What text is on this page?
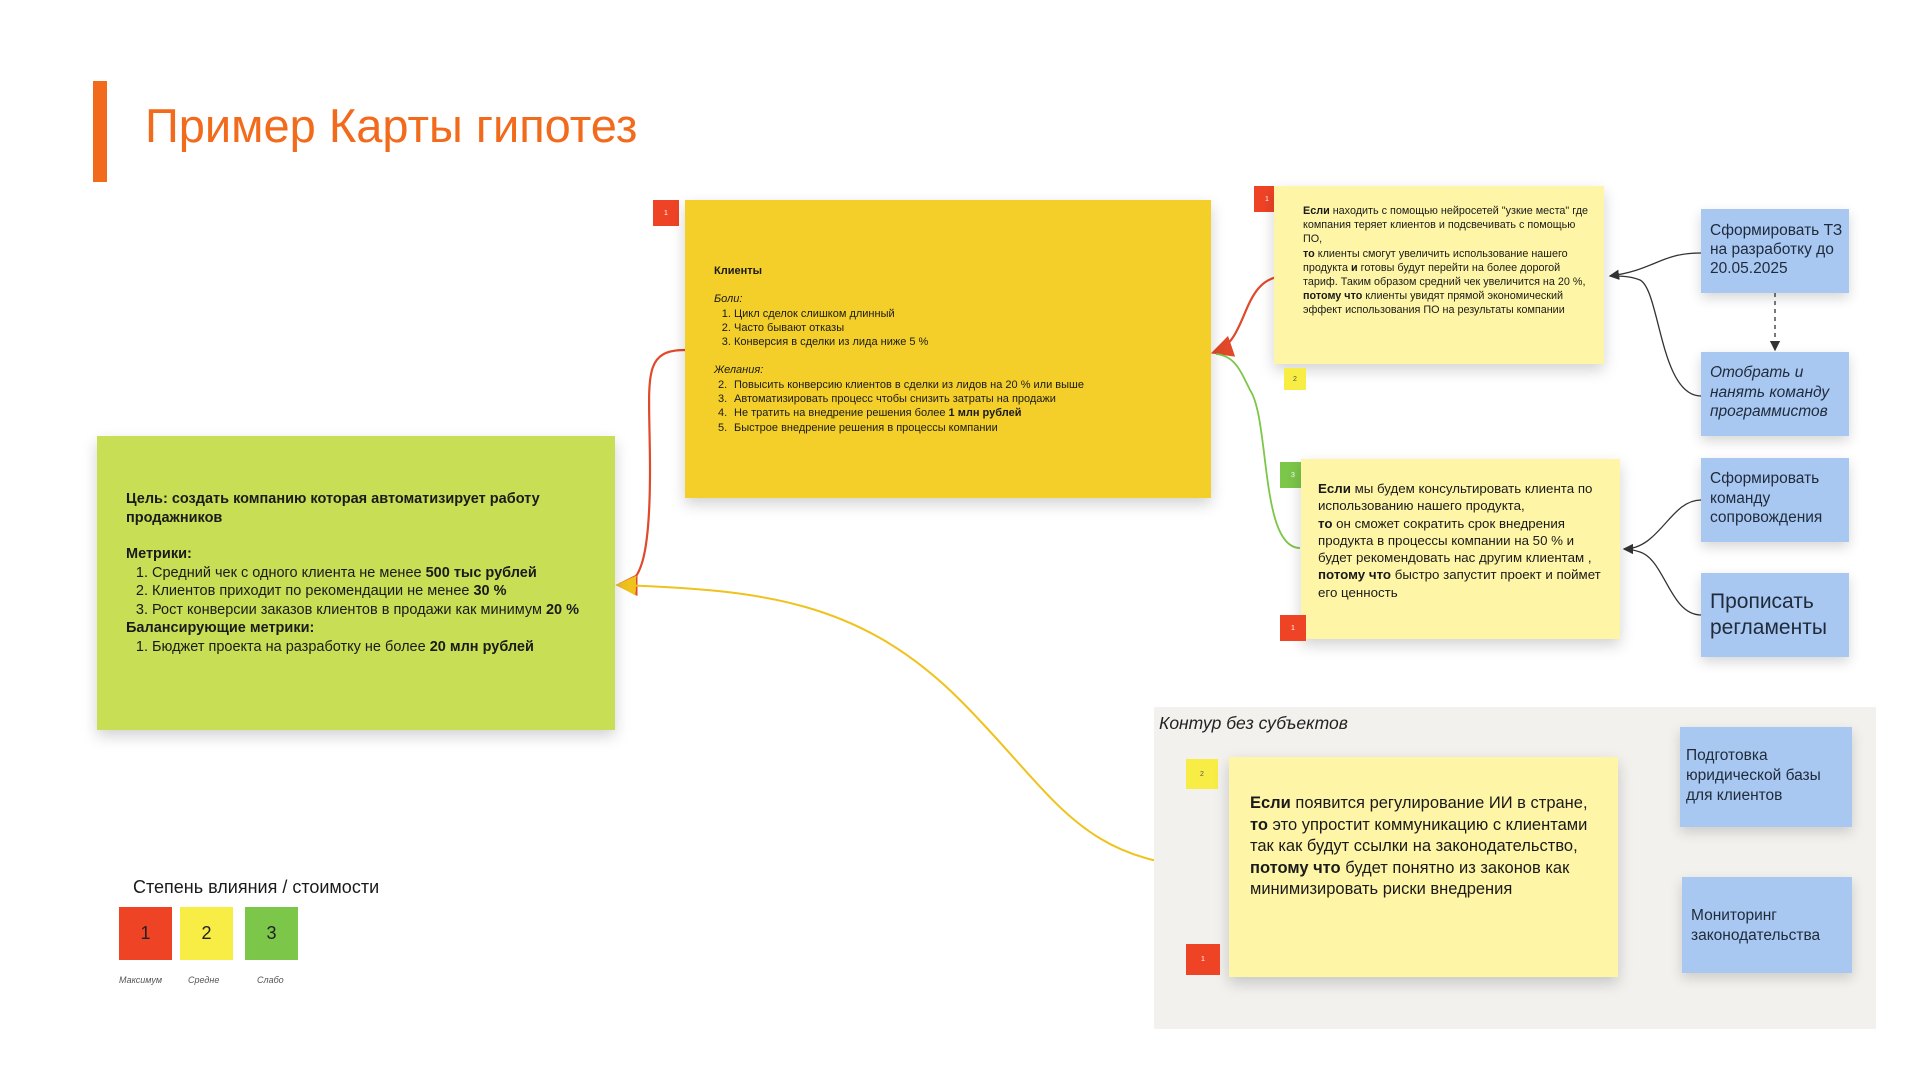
Пример Карты гипотез

Цель: создать компанию которая автоматизирует работу продажников

Метрики:

1. Средний чек с одного клиента не менее 500 тыс рублей
2. Клиентов приходит по рекомендации не менее 30 %
3. Рост конверсии заказов клиентов в продажи как минимум 20 %

Балансирующие метрики:

1. Бюджет проекта на разработку не более 20 млн рублей
1

Клиенты

Боли:

1. Цикл сделок слишком длинный
2. Часто бывают отказы
3. Конверсия в сделки из лида ниже 5 %

Желания:

2. Повысить конверсию клиентов в сделки из лидов на 20 % или выше
3. Автоматизировать процесс чтобы снизить затраты на продажи
4. Не тратить на внедрение решения более 1 млн рублей
5. Быстрое внедрение решения в процессы компании
1
Если находить с помощью нейросетей "узкие места" где компания теряет клиентов и подсвечивать с помощью ПО,
то клиенты смогут увеличить использование нашего продукта и готовы будут перейти на более дорогой тариф. Таким образом средний чек увеличится на 20 %,
потому что клиенты увидят прямой экономический эффект использования ПО на результаты компании
2
3
Если мы будем консультировать клиента по использованию нашего продукта,
то он сможет сократить срок внедрения продукта в процессы компании на 50 % и будет рекомендовать нас другим клиентам ,
потому что быстро запустит проект и поймет его ценность
1
Контур без субъектов
2
Если появится регулирование ИИ в стране,
то это упростит коммуникацию с клиентами так как будут ссылки на законодательство,
потому что будет понятно из законов как минимизировать риски внедрения
1
Сформировать ТЗ на разработку до 20.05.2025
Отобрать и нанять команду программистов
Сформировать команду сопровождения
Прописать регламенты
Подготовка юридической базы для клиентов
Мониторинг законодательства
Степень влияния / стоимости
1	2	3
Максимум	Средне	Слабо
